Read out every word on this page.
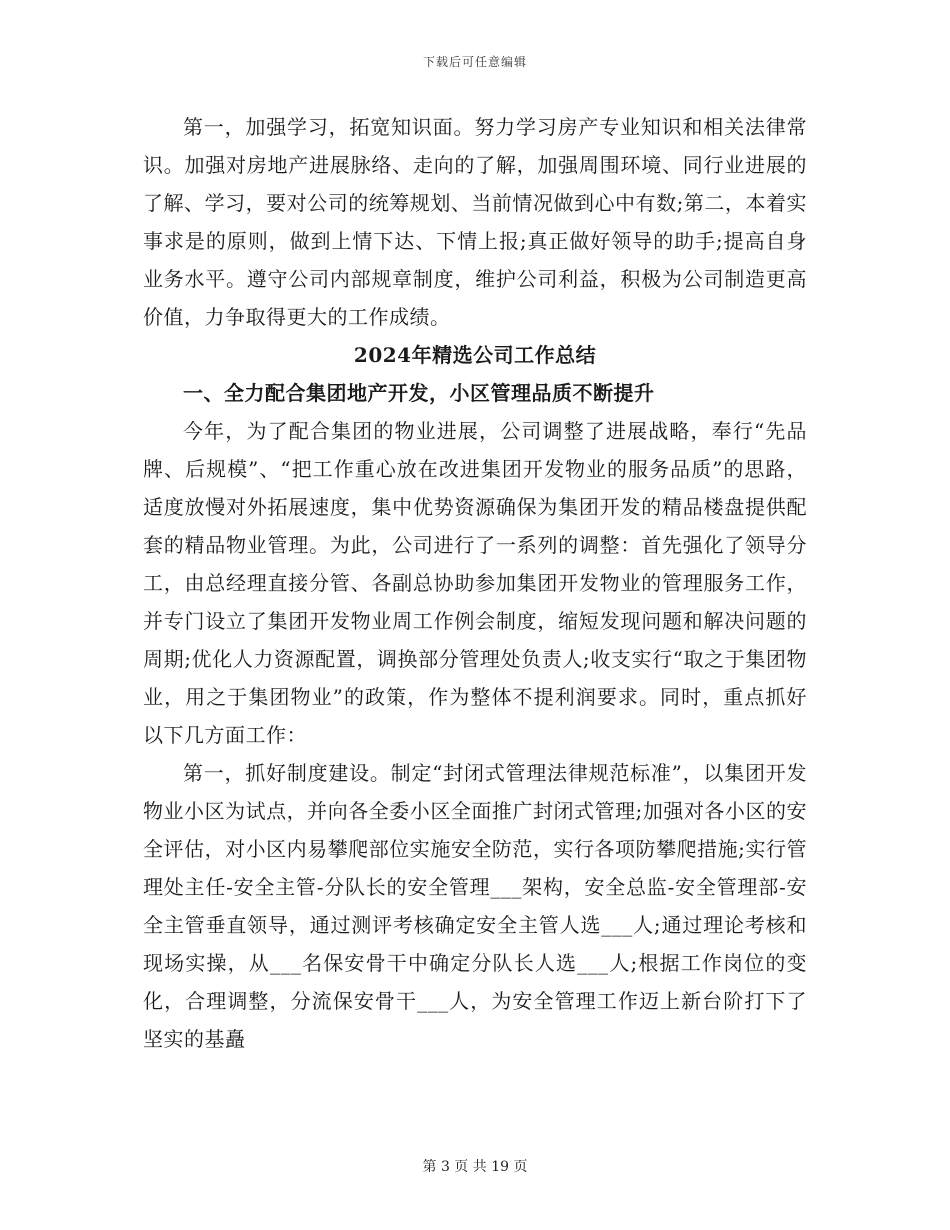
下载后可任意编辑

第一，加强学习，拓宽知识面。努力学习房产专业知识和相关法律常识。加强对房地产进展脉络、走向的了解，加强周围环境、同行业进展的了解、学习，要对公司的统筹规划、当前情况做到心中有数;第二，本着实事求是的原则，做到上情下达、下情上报;真正做好领导的助手;提高自身业务水平。遵守公司内部规章制度，维护公司利益，积极为公司制造更高价值，力争取得更大的工作成绩。

2024年精选公司工作总结

一、全力配合集团地产开发，小区管理品质不断提升

今年，为了配合集团的物业进展，公司调整了进展战略，奉行“先品牌、后规模”、“把工作重心放在改进集团开发物业的服务品质”的思路，适度放慢对外拓展速度，集中优势资源确保为集团开发的精品楼盘提供配套的精品物业管理。为此，公司进行了一系列的调整：首先强化了领导分工，由总经理直接分管、各副总协助参加集团开发物业的管理服务工作，并专门设立了集团开发物业周工作例会制度，缩短发现问题和解决问题的周期;优化人力资源配置，调换部分管理处负责人;收支实行“取之于集团物业，用之于集团物业”的政策，作为整体不提利润要求。同时，重点抓好以下几方面工作：

第一，抓好制度建设。制定“封闭式管理法律规范标准”，以集团开发物业小区为试点，并向各全委小区全面推广封闭式管理;加强对各小区的安全评估，对小区内易攀爬部位实施安全防范，实行各项防攀爬措施;实行管理处主任-安全主管-分队长的安全管理___架构，安全总监-安全管理部-安全主管垂直领导，通过测评考核确定安全主管人选___人;通过理论考核和现场实操，从___名保安骨干中确定分队长人选___人;根据工作岗位的变化，合理调整，分流保安骨干___人，为安全管理工作迈上新台阶打下了坚实的基矗

第 3 页 共 19 页
